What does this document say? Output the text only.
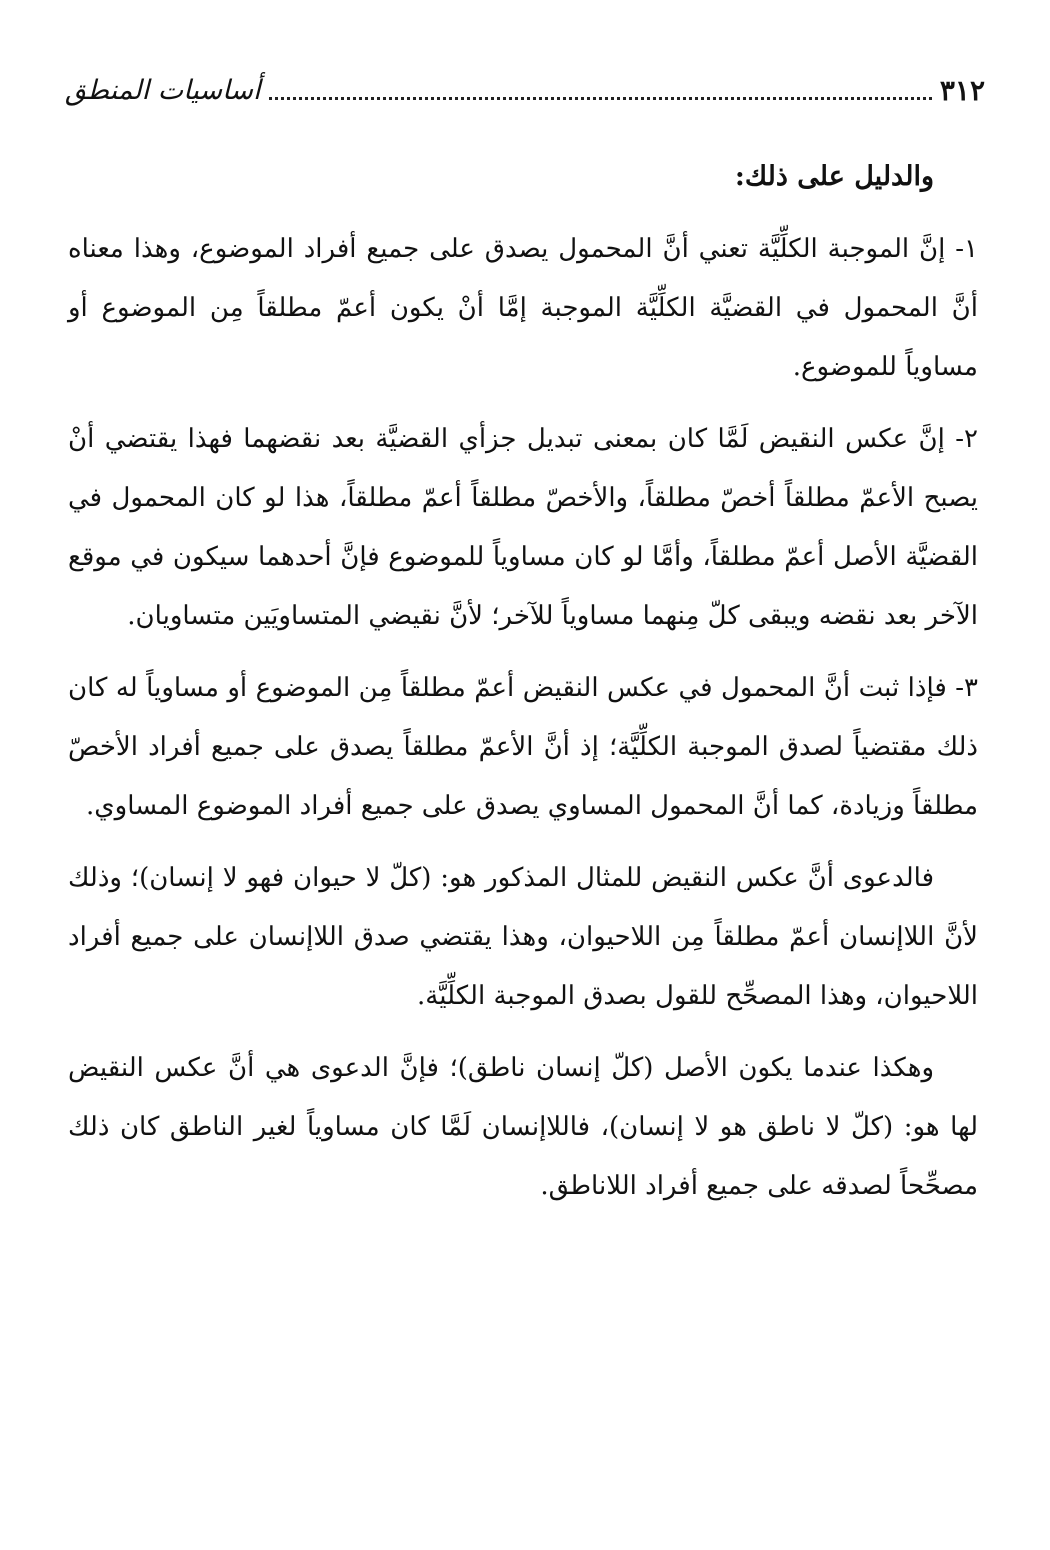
٣١٢
أساسيات المنطق

والدليل على ذلك:

١- إنَّ الموجبة الكلِّيَّة تعني أنَّ المحمول يصدق على جميع أفراد الموضوع، وهذا معناه أنَّ المحمول في القضيَّة الكلِّيَّة الموجبة إمَّا أنْ يكون أعمّ مطلقاً مِن الموضوع أو مساوياً للموضوع.

٢- إنَّ عكس النقيض لَمَّا كان بمعنى تبديل جزأي القضيَّة بعد نقضهما فهذا يقتضي أنْ يصبح الأعمّ مطلقاً أخصّ مطلقاً، والأخصّ مطلقاً أعمّ مطلقاً، هذا لو كان المحمول في القضيَّة الأصل أعمّ مطلقاً، وأمَّا لو كان مساوياً للموضوع فإنَّ أحدهما سيكون في موقع الآخر بعد نقضه ويبقى كلّ مِنهما مساوياً للآخر؛ لأنَّ نقيضي المتساويَين متساويان.

٣- فإذا ثبت أنَّ المحمول في عكس النقيض أعمّ مطلقاً مِن الموضوع أو مساوياً له كان ذلك مقتضياً لصدق الموجبة الكلِّيَّة؛ إذ أنَّ الأعمّ مطلقاً يصدق على جميع أفراد الأخصّ مطلقاً وزيادة، كما أنَّ المحمول المساوي يصدق على جميع أفراد الموضوع المساوي.

فالدعوى أنَّ عكس النقيض للمثال المذكور هو: (كلّ لا حيوان فهو لا إنسان)؛ وذلك لأنَّ اللاإنسان أعمّ مطلقاً مِن اللاحيوان، وهذا يقتضي صدق اللاإنسان على جميع أفراد اللاحيوان، وهذا المصحِّح للقول بصدق الموجبة الكلِّيَّة.

وهكذا عندما يكون الأصل (كلّ إنسان ناطق)؛ فإنَّ الدعوى هي أنَّ عكس النقيض لها هو: (كلّ لا ناطق هو لا إنسان)، فاللاإنسان لَمَّا كان مساوياً لغير الناطق كان ذلك مصحِّحاً لصدقه على جميع أفراد اللاناطق.
